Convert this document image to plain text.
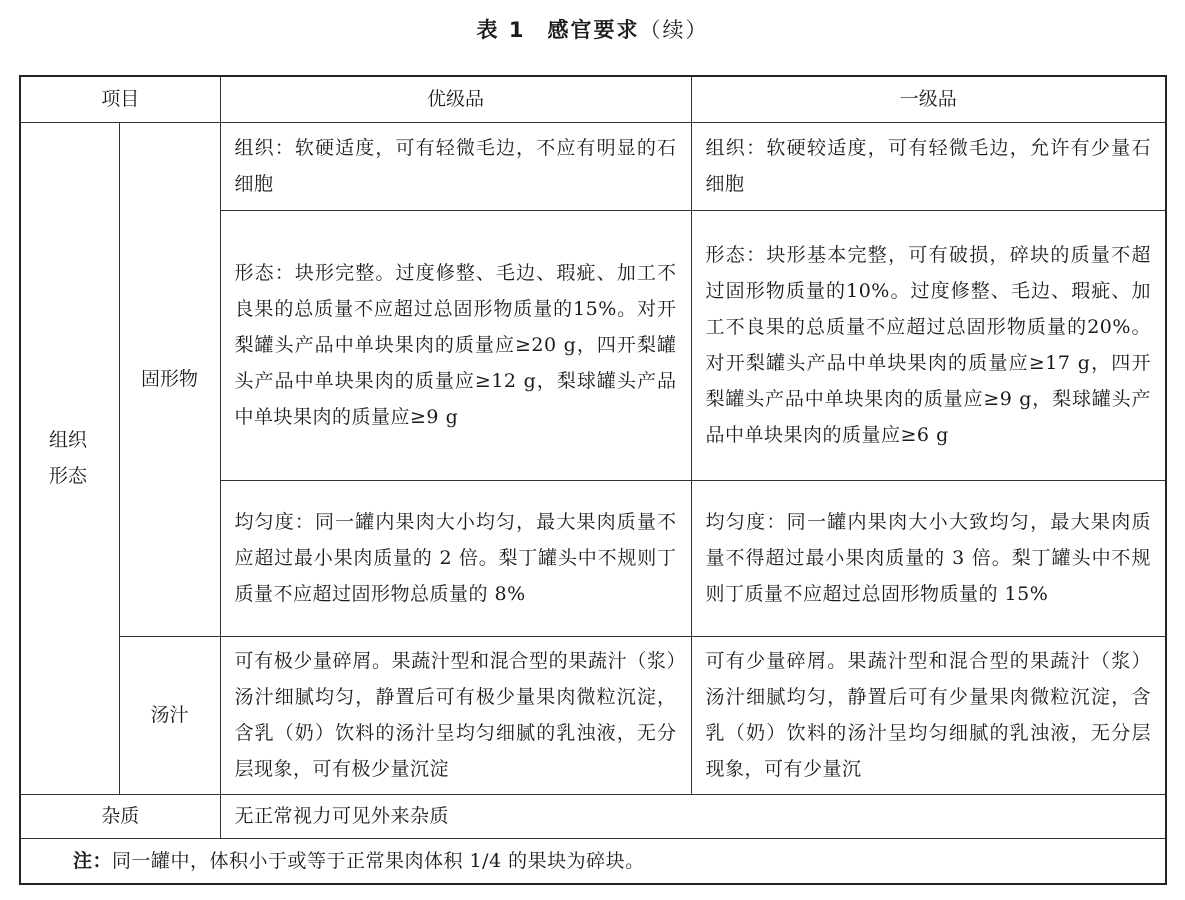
表 1 感官要求（续）
项目		优级品	一级品

组织
形态	固形物	组织：软硬适度，可有轻微毛边，不应有明显的石细胞	组织：软硬较适度，可有轻微毛边，允许有少量石细胞
		形态：块形完整。过度修整、毛边、瑕疵、加工不良果的总质量不应超过总固形物质量的15%。对开梨罐头产品中单块果肉的质量应≥20 g，四开梨罐头产品中单块果肉的质量应≥12 g，梨球罐头产品中单块果肉的质量应≥9 g	形态：块形基本完整，可有破损，碎块的质量不超过固形物质量的10%。过度修整、毛边、瑕疵、加工不良果的总质量不应超过总固形物质量的20%。对开梨罐头产品中单块果肉的质量应≥17 g，四开梨罐头产品中单块果肉的质量应≥9 g，梨球罐头产品中单块果肉的质量应≥6 g
		均匀度：同一罐内果肉大小均匀，最大果肉质量不应超过最小果肉质量的 2 倍。梨丁罐头中不规则丁质量不应超过固形物总质量的 8%	均匀度：同一罐内果肉大小大致均匀，最大果肉质量不得超过最小果肉质量的 3 倍。梨丁罐头中不规则丁质量不应超过总固形物质量的 15%
	汤汁	可有极少量碎屑。果蔬汁型和混合型的果蔬汁（浆）汤汁细腻均匀，静置后可有极少量果肉微粒沉淀，含乳（奶）饮料的汤汁呈均匀细腻的乳浊液，无分层现象，可有极少量沉淀	可有少量碎屑。果蔬汁型和混合型的果蔬汁（浆）汤汁细腻均匀，静置后可有少量果肉微粒沉淀，含乳（奶）饮料的汤汁呈均匀细腻的乳浊液，无分层现象，可有少量沉
杂质		无正常视力可见外来杂质	
注：同一罐中，体积小于或等于正常果肉体积 1/4 的果块为碎块。			
